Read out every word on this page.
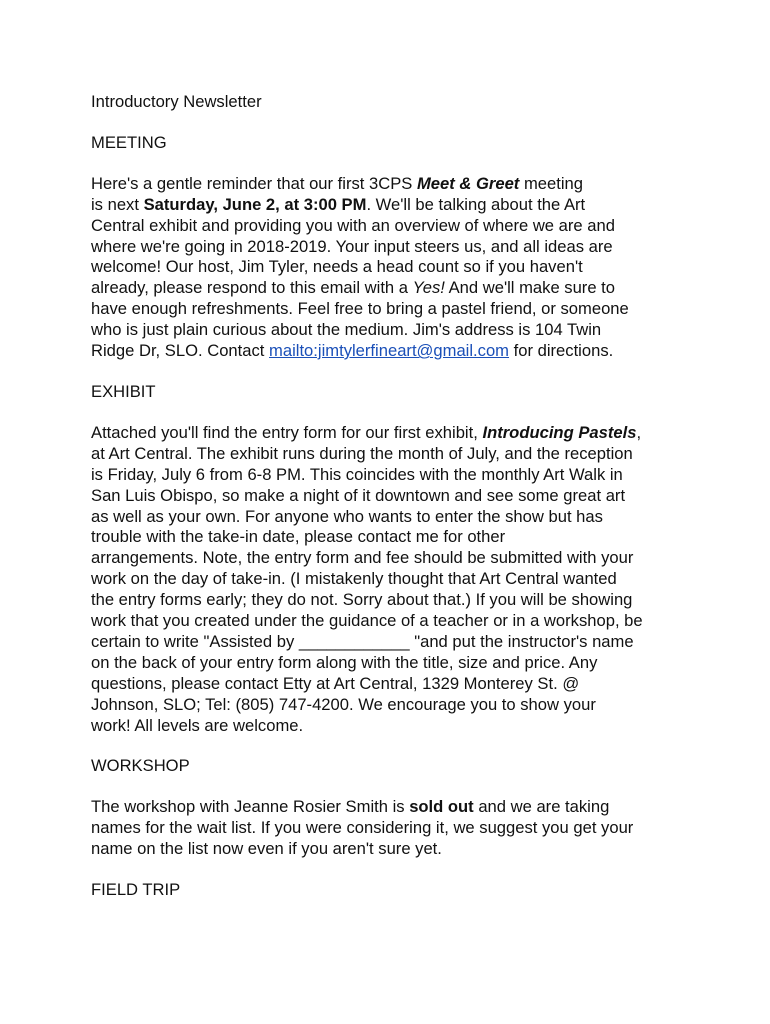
Introductory Newsletter
MEETING
Here's a gentle reminder that our first 3CPS Meet & Greet meeting
is next Saturday, June 2, at 3:00 PM. We'll be talking about the Art
Central exhibit and providing you with an overview of where we are and
where we're going in 2018-2019. Your input steers us, and all ideas are
welcome! Our host, Jim Tyler, needs a head count so if you haven't
already, please respond to this email with a Yes! And we'll make sure to
have enough refreshments. Feel free to bring a pastel friend, or someone
who is just plain curious about the medium. Jim's address is 104 Twin
Ridge Dr, SLO. Contact mailto:jimtylerfineart@gmail.com for directions.
EXHIBIT
Attached you'll find the entry form for our first exhibit, Introducing Pastels,
at Art Central. The exhibit runs during the month of July, and the reception
is Friday, July 6 from 6-8 PM. This coincides with the monthly Art Walk in
San Luis Obispo, so make a night of it downtown and see some great art
as well as your own. For anyone who wants to enter the show but has
trouble with the take-in date, please contact me for other
arrangements. Note, the entry form and fee should be submitted with your
work on the day of take-in. (I mistakenly thought that Art Central wanted
the entry forms early; they do not. Sorry about that.) If you will be showing
work that you created under the guidance of a teacher or in a workshop, be
certain to write "Assisted by ____________ "and put the instructor's name
on the back of your entry form along with the title, size and price. Any
questions, please contact Etty at Art Central, 1329 Monterey St. @
Johnson, SLO; Tel: (805) 747-4200. We encourage you to show your
work! All levels are welcome.
WORKSHOP
The workshop with Jeanne Rosier Smith is sold out and we are taking
names for the wait list. If you were considering it, we suggest you get your
name on the list now even if you aren't sure yet.
FIELD TRIP
